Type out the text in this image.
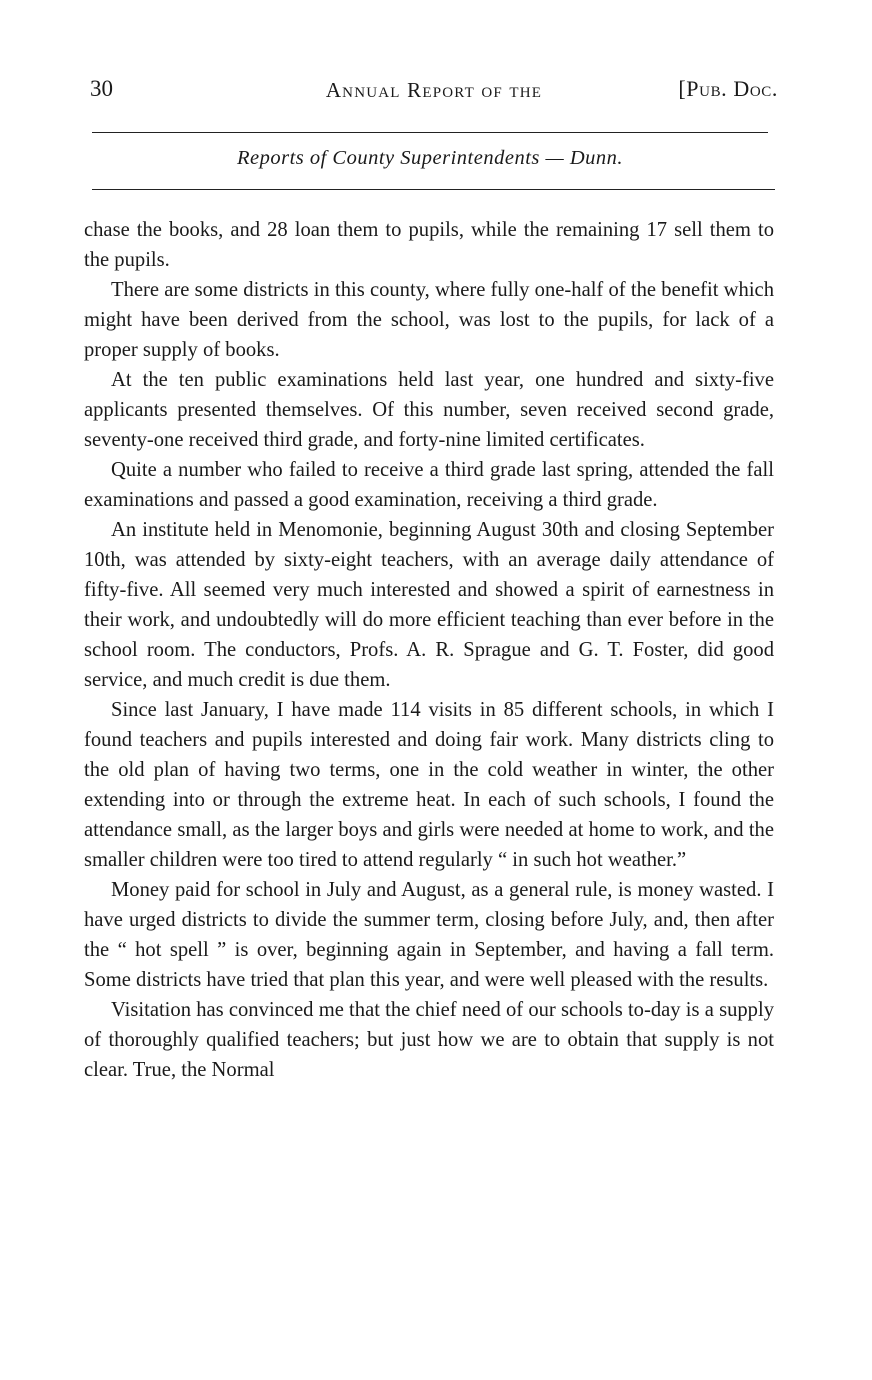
30	Annual Report of the	[Pub. Doc.
Reports of County Superintendents — Dunn.

chase the books, and 28 loan them to pupils, while the remaining 17 sell them to the pupils.

There are some districts in this county, where fully one-half of the benefit which might have been derived from the school, was lost to the pupils, for lack of a proper supply of books.

At the ten public examinations held last year, one hundred and sixty-five applicants presented themselves. Of this number, seven received second grade, seventy-one received third grade, and forty-nine limited certificates.

Quite a number who failed to receive a third grade last spring, attended the fall examinations and passed a good examination, receiving a third grade.

An institute held in Menomonie, beginning August 30th and closing September 10th, was attended by sixty-eight teachers, with an average daily attendance of fifty-five. All seemed very much interested and showed a spirit of earnestness in their work, and undoubtedly will do more efficient teaching than ever before in the school room. The conductors, Profs. A. R. Sprague and G. T. Foster, did good service, and much credit is due them.

Since last January, I have made 114 visits in 85 different schools, in which I found teachers and pupils interested and doing fair work. Many districts cling to the old plan of having two terms, one in the cold weather in winter, the other extending into or through the extreme heat. In each of such schools, I found the attendance small, as the larger boys and girls were needed at home to work, and the smaller children were too tired to attend regularly “ in such hot weather.”

Money paid for school in July and August, as a general rule, is money wasted. I have urged districts to divide the summer term, closing before July, and, then after the “ hot spell ” is over, beginning again in September, and having a fall term. Some districts have tried that plan this year, and were well pleased with the results.

Visitation has convinced me that the chief need of our schools to-day is a supply of thoroughly qualified teachers; but just how we are to obtain that supply is not clear. True, the Normal
